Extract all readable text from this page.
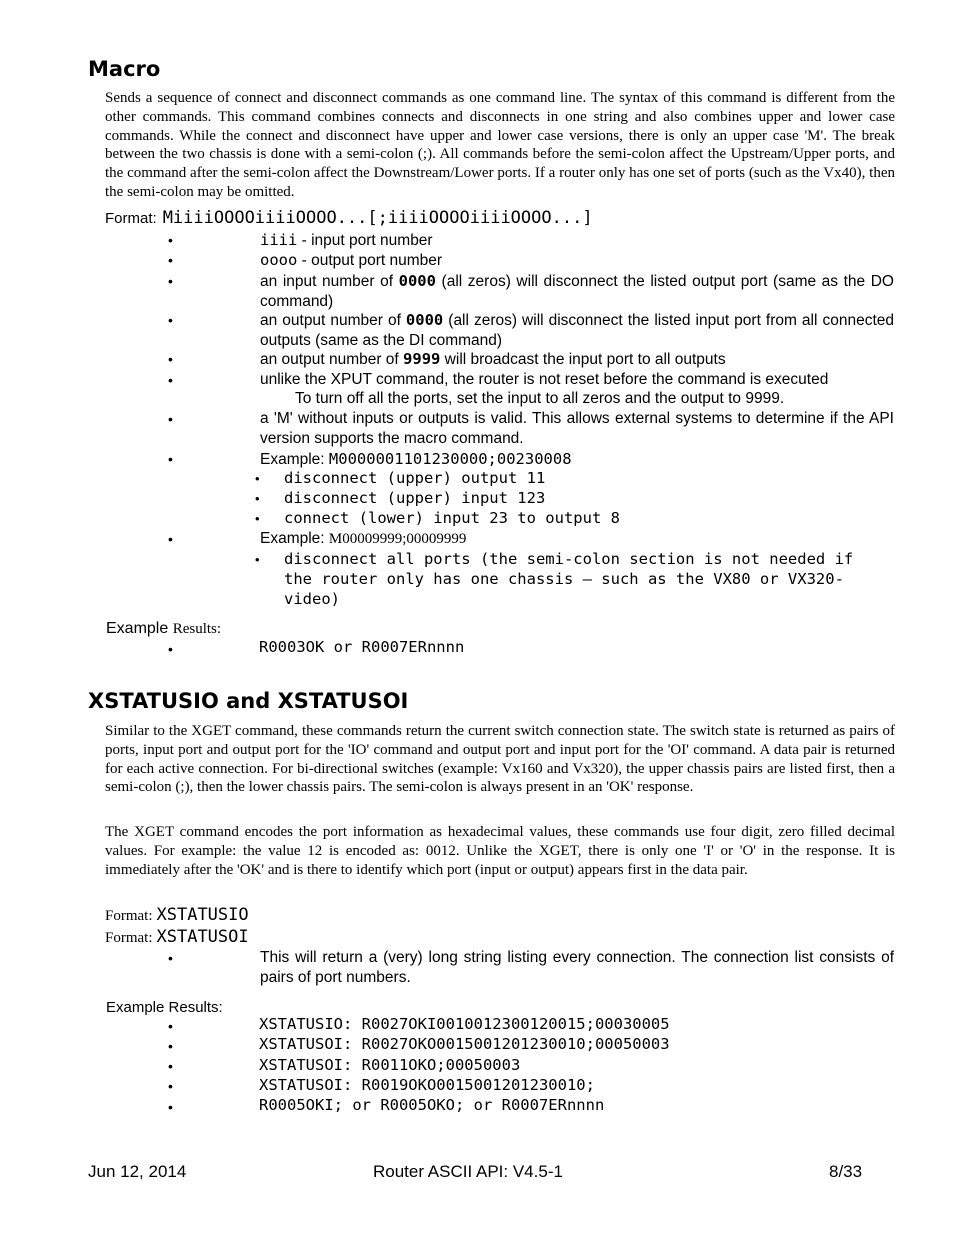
Macro
Sends a sequence of connect and disconnect commands as one command line. The syntax of this command is different from the other commands. This command combines connects and disconnects in one string and also combines upper and lower case commands. While the connect and disconnect have upper and lower case versions, there is only an upper case 'M'. The break between the two chassis is done with a semi-colon (;). All commands before the semi-colon affect the Upstream/Upper ports, and the command after the semi-colon affect the Downstream/Lower ports. If a router only has one set of ports (such as the Vx40), then the semi-colon may be omitted.
Format: MiiiiOOOOiiiiOOOO...[;iiiiOOOOiiiiOOOO...]
•	iiii - input port number
•	oooo - output port number
•	an input number of 0000 (all zeros) will disconnect the listed output port (same as the DO command)
•	an output number of 0000 (all zeros) will disconnect the listed input port from all connected outputs (same as the DI command)
•	an output number of 9999 will broadcast the input port to all outputs
•	unlike the XPUT command, the router is not reset before the command is executed
To turn off all the ports, set the input to all zeros and the output to 9999.
•	a 'M' without inputs or outputs is valid. This allows external systems to determine if the API version supports the macro command.
•	Example: M0000001101230000;00230008
• disconnect (upper) output 11
• disconnect (upper) input 123
• connect (lower) input 23 to output 8
•	Example: M00009999;00009999
• disconnect all ports (the semi-colon section is not needed if
the router only has one chassis – such as the VX80 or VX320-
video)
Example Results:
•	R0003OK or R0007ERnnnn
XSTATUSIO and XSTATUSOI
Similar to the XGET command, these commands return the current switch connection state. The switch state is returned as pairs of ports, input port and output port for the 'IO' command and output port and input port for the 'OI' command. A data pair is returned for each active connection. For bi-directional switches (example: Vx160 and Vx320), the upper chassis pairs are listed first, then a semi-colon (;), then the lower chassis pairs. The semi-colon is always present in an 'OK' response.
The XGET command encodes the port information as hexadecimal values, these commands use four digit, zero filled decimal values. For example: the value 12 is encoded as: 0012. Unlike the XGET, there is only one 'I' or 'O' in the response. It is immediately after the 'OK' and is there to identify which port (input or output) appears first in the data pair.
Format: XSTATUSIO
Format: XSTATUSOI
•	This will return a (very) long string listing every connection. The connection list consists of pairs of port numbers.
Example Results:
•	XSTATUSIO: R0027OKI0010012300120015;00030005
•	XSTATUSOI: R0027OKO0015001201230010;00050003
•	XSTATUSOI: R0011OKO;00050003
•	XSTATUSOI: R0019OKO0015001201230010;
•	R0005OKI; or R0005OKO; or R0007ERnnnn
Jun 12, 2014	Router ASCII API: V4.5-1	8/33
